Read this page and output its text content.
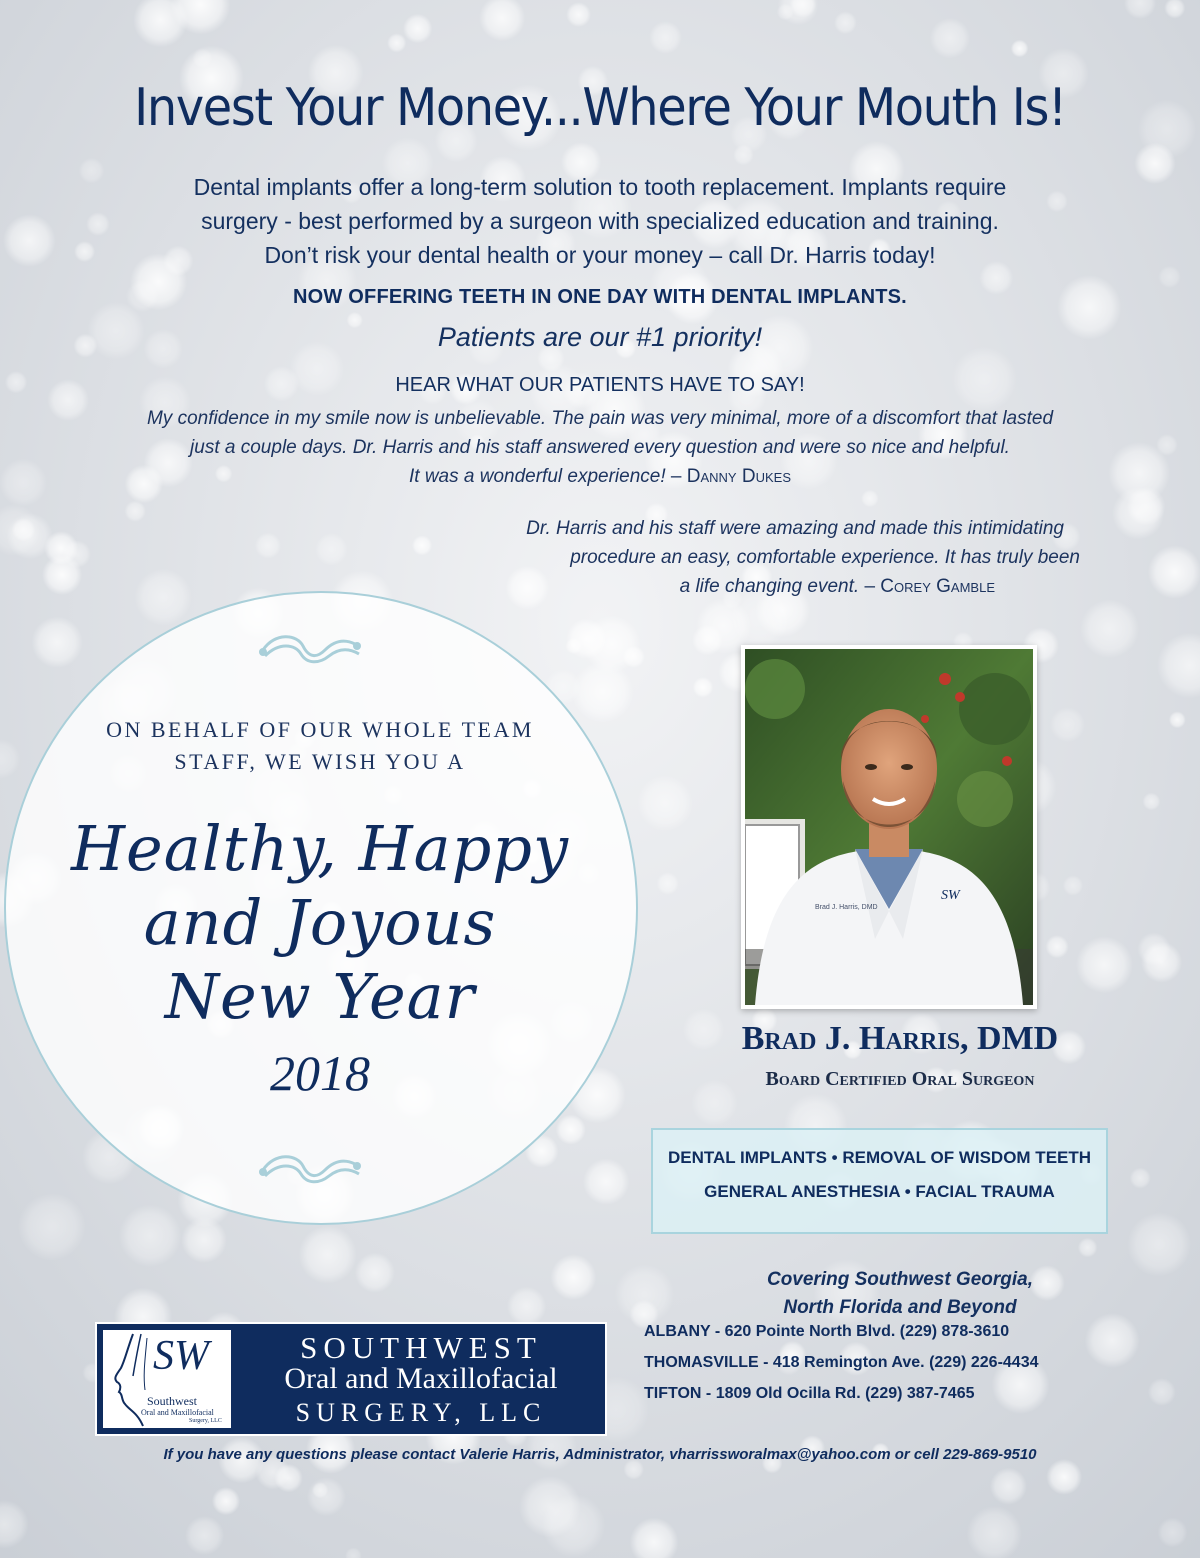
Invest Your Money...Where Your Mouth Is!
Dental implants offer a long-term solution to tooth replacement. Implants require
surgery - best performed by a surgeon with specialized education and training.
Don’t risk your dental health or your money – call Dr. Harris today!
NOW OFFERING TEETH IN ONE DAY WITH DENTAL IMPLANTS.
Patients are our #1 priority!
HEAR WHAT OUR PATIENTS HAVE TO SAY!
My confidence in my smile now is unbelievable. The pain was very minimal, more of a discomfort that lasted
just a couple days. Dr. Harris and his staff answered every question and were so nice and helpful.
It was a wonderful experience! – Danny Dukes
Dr. Harris and his staff were amazing and made this intimidating
procedure an easy, comfortable experience. It has truly been
a life changing event. – Corey Gamble
ON BEHALF OF OUR WHOLE TEAM
STAFF, WE WISH YOU A
Healthy, Happy
and Joyous
New Year
2018
SW
Brad J. Harris, DMD
Brad J. Harris, DMD
Board Certified Oral Surgeon
DENTAL IMPLANTS • REMOVAL OF WISDOM TEETH
GENERAL ANESTHESIA • FACIAL TRAUMA
Covering Southwest Georgia,
North Florida and Beyond
ALBANY - 620 Pointe North Blvd. (229) 878-3610
THOMASVILLE - 418 Remington Ave. (229) 226-4434
TIFTON - 1809 Old Ocilla Rd. (229) 387-7465
SW
Southwest
Oral and Maxillofacial
Surgery, LLC
SOUTHWEST
Oral and Maxillofacial
SURGERY, LLC
If you have any questions please contact Valerie Harris, Administrator, vharrissworalmax@yahoo.com or cell 229-869-9510
